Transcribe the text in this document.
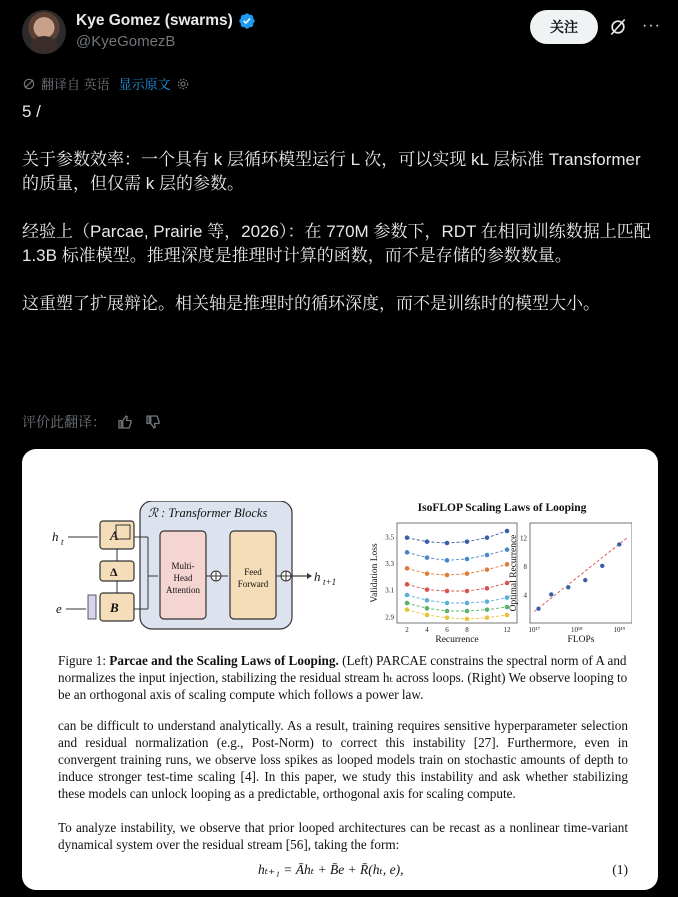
Kye Gomez (swarms)
@KyeGomezB
关注	···
翻译自 英语 显示原文

5 /

关于参数效率：一个具有 k 层循环模型运行 L 次，可以实现 kL 层标准 Transformer 的质量，但仅需 k 层的参数。

经验上（Parcae, Prairie 等，2026）：在 770M 参数下，RDT 在相同训练数据上匹配 1.3B 标准模型。推理深度是推理时计算的函数，而不是存储的参数数量。

这重塑了扩展辩论。相关轴是推理时的循环深度，而不是训练时的模型大小。

评价此翻译：
ℛ : Transformer Blocks
Multi-
Head
Attention
Feed
Forward	h t+1
A
Δ
B
h t
e
IsoFLOP Scaling Laws of Looping
2.9
3.1
3.3
3.5
2 4 6 8	12
Recurrence
Validation Loss	4
8
12
10¹⁷	10¹⁸	10¹⁹
FLOPs
Optimal Recurrence
Figure 1: Parcae and the Scaling Laws of Looping. (Left) PARCAE constrains the spectral norm of A and normalizes the input injection, stabilizing the residual stream hₜ across loops. (Right) We observe looping to be an orthogonal axis of scaling compute which follows a power law.
can be difficult to understand analytically. As a result, training requires sensitive hyperparameter selection and residual normalization (e.g., Post-Norm) to correct this instability [27]. Furthermore, even in convergent training runs, we observe loss spikes as looped models train on stochastic amounts of depth to induce stronger test-time scaling [4]. In this paper, we study this instability and ask whether stabilizing these models can unlock looping as a predictable, orthogonal axis for scaling compute.
To analyze instability, we observe that prior looped architectures can be recast as a nonlinear time-variant dynamical system over the residual stream [56], taking the form:
hₜ₊₁ = Āhₜ + B̄e + R̄(hₜ, e),	(1)
